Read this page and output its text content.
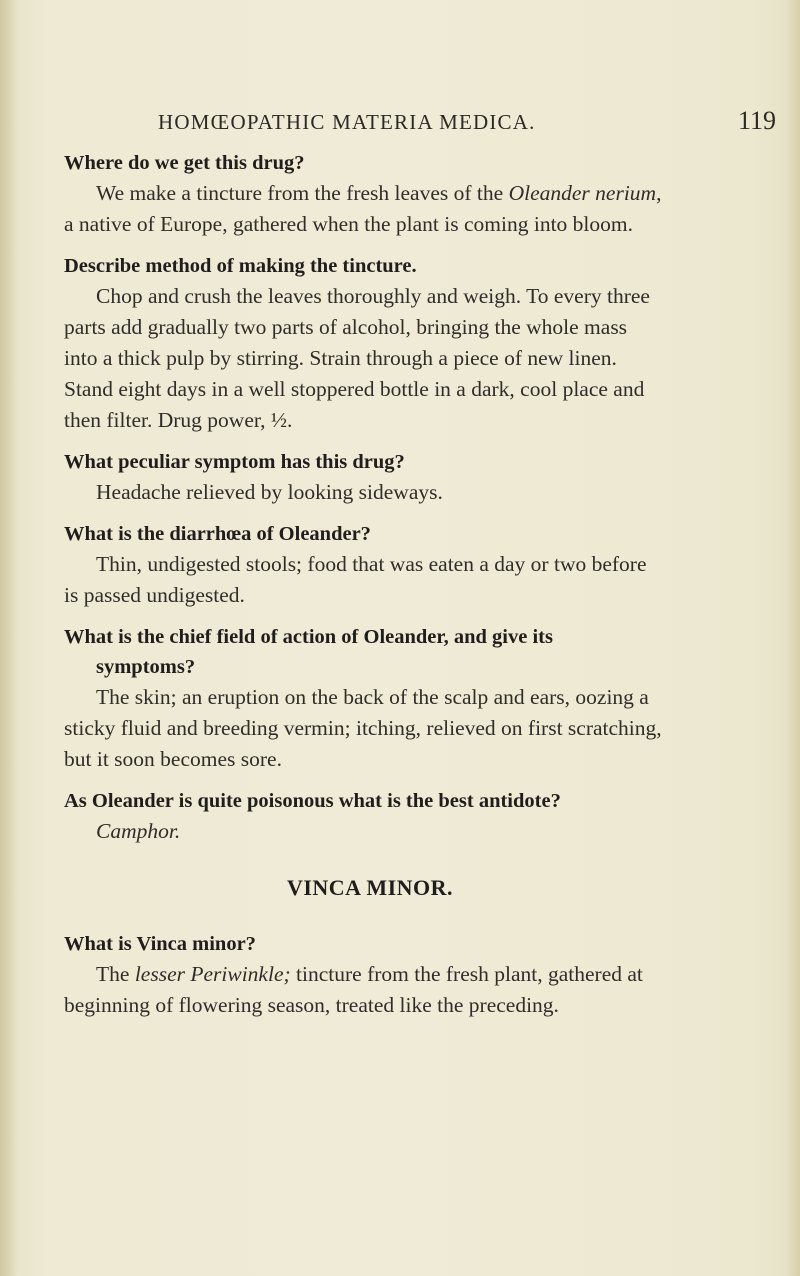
HOMŒOPATHIC MATERIA MEDICA.	119

Where do we get this drug?

We make a tincture from the fresh leaves of the Oleander nerium, a native of Europe, gathered when the plant is coming into bloom.

Describe method of making the tincture.

Chop and crush the leaves thoroughly and weigh. To every three parts add gradually two parts of alcohol, bringing the whole mass into a thick pulp by stirring. Strain through a piece of new linen. Stand eight days in a well stoppered bottle in a dark, cool place and then filter. Drug power, ½.

What peculiar symptom has this drug?

Headache relieved by looking sideways.

What is the diarrhœa of Oleander?

Thin, undigested stools; food that was eaten a day or two before is passed undigested.

What is the chief field of action of Oleander, and give its
symptoms?

The skin; an eruption on the back of the scalp and ears, oozing a sticky fluid and breeding vermin; itching, relieved on first scratching, but it soon becomes sore.

As Oleander is quite poisonous what is the best antidote?

Camphor.

VINCA MINOR.

What is Vinca minor?

The lesser Periwinkle; tincture from the fresh plant, gathered at beginning of flowering season, treated like the preceding.
